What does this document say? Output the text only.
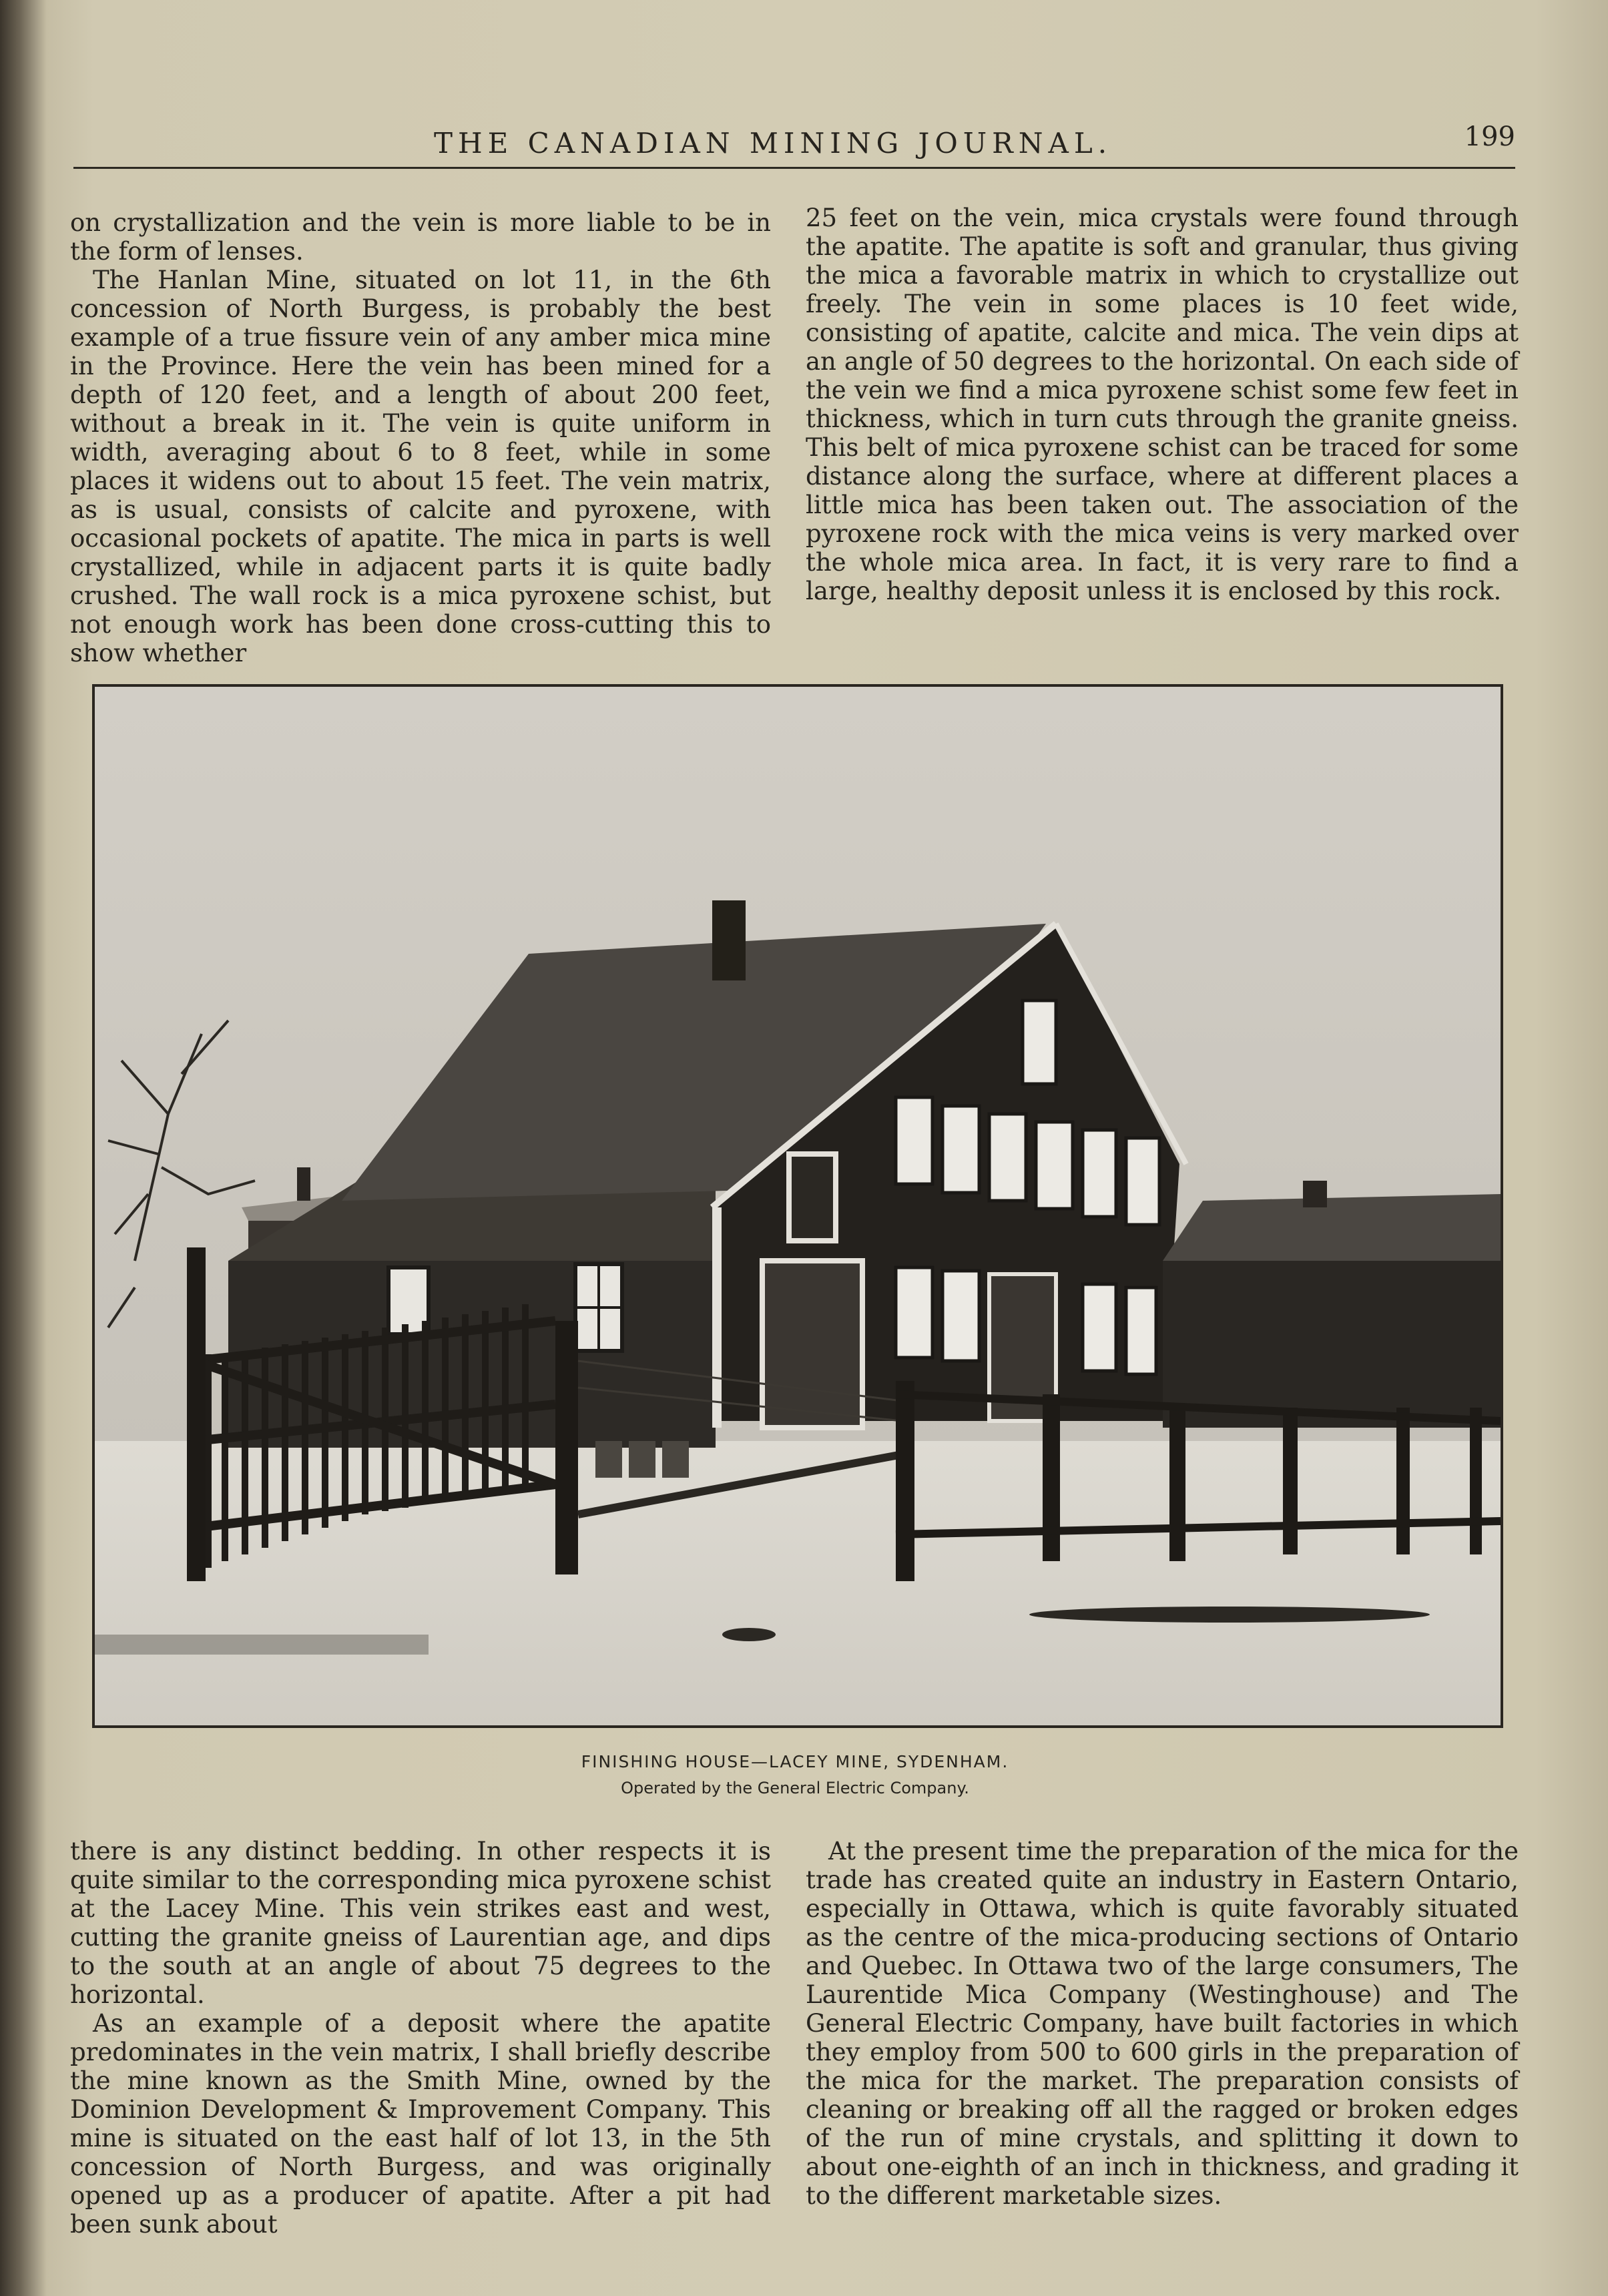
THE CANADIAN MINING JOURNAL.	199

on crystallization and the vein is more liable to be in the form of lenses.

The Hanlan Mine, situated on lot 11, in the 6th concession of North Burgess, is probably the best example of a true fissure vein of any amber mica mine in the Province. Here the vein has been mined for a depth of 120 feet, and a length of about 200 feet, without a break in it. The vein is quite uniform in width, averaging about 6 to 8 feet, while in some places it widens out to about 15 feet. The vein matrix, as is usual, consists of calcite and pyroxene, with occasional pockets of apatite. The mica in parts is well crystallized, while in adjacent parts it is quite badly crushed. The wall rock is a mica pyroxene schist, but not enough work has been done cross-cutting this to show whether

25 feet on the vein, mica crystals were found through the apatite. The apatite is soft and granular, thus giving the mica a favorable matrix in which to crystallize out freely. The vein in some places is 10 feet wide, consisting of apatite, calcite and mica. The vein dips at an angle of 50 degrees to the horizontal. On each side of the vein we find a mica pyroxene schist some few feet in thickness, which in turn cuts through the granite gneiss. This belt of mica pyroxene schist can be traced for some distance along the surface, where at different places a little mica has been taken out. The association of the pyroxene rock with the mica veins is very marked over the whole mica area. In fact, it is very rare to find a large, healthy deposit unless it is enclosed by this rock.

FINISHING HOUSE—LACEY MINE, SYDENHAM.
Operated by the General Electric Company.

there is any distinct bedding. In other respects it is quite similar to the corresponding mica pyroxene schist at the Lacey Mine. This vein strikes east and west, cutting the granite gneiss of Laurentian age, and dips to the south at an angle of about 75 degrees to the horizontal.

As an example of a deposit where the apatite predominates in the vein matrix, I shall briefly describe the mine known as the Smith Mine, owned by the Dominion Development & Improvement Company. This mine is situated on the east half of lot 13, in the 5th concession of North Burgess, and was originally opened up as a producer of apatite. After a pit had been sunk about

At the present time the preparation of the mica for the trade has created quite an industry in Eastern Ontario, especially in Ottawa, which is quite favorably situated as the centre of the mica-producing sections of Ontario and Quebec. In Ottawa two of the large consumers, The Laurentide Mica Company (Westinghouse) and The General Electric Company, have built factories in which they employ from 500 to 600 girls in the preparation of the mica for the market. The preparation consists of cleaning or breaking off all the ragged or broken edges of the run of mine crystals, and splitting it down to about one-eighth of an inch in thickness, and grading it to the different marketable sizes.
